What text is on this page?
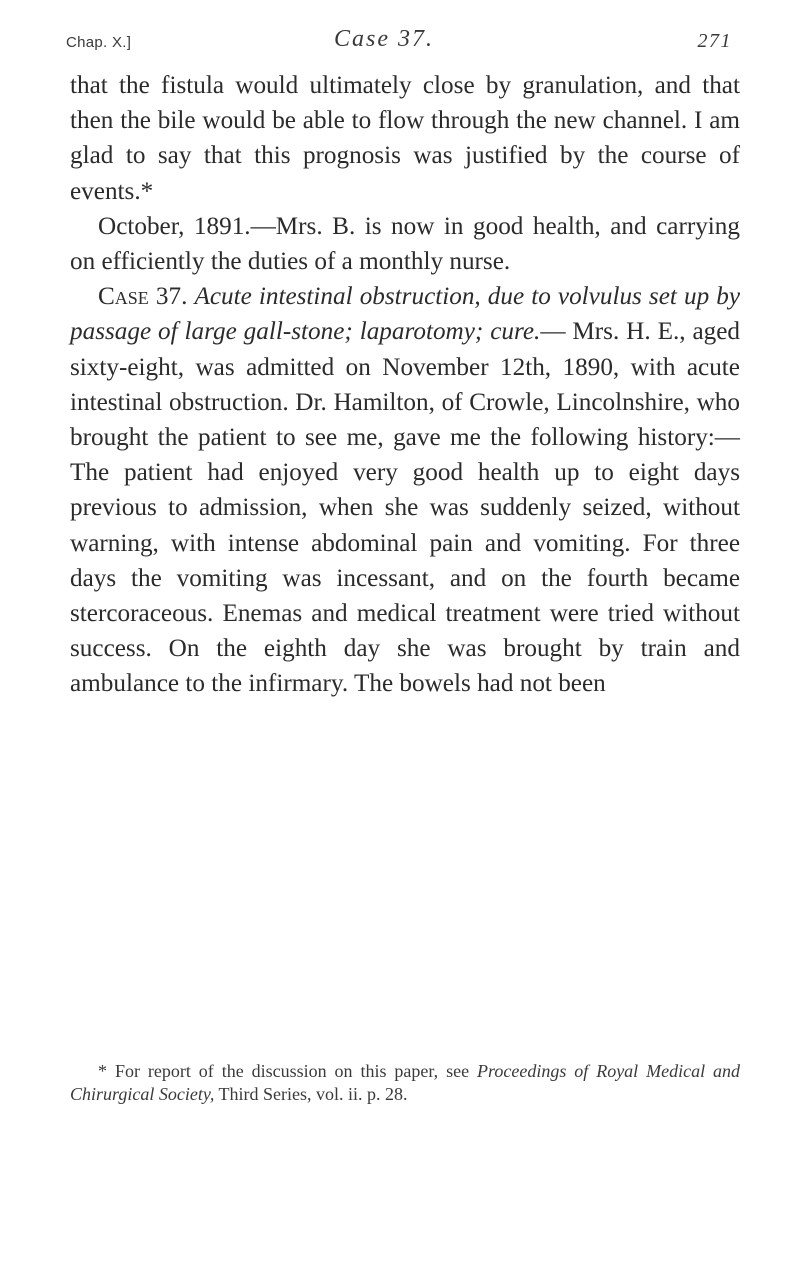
Chap. X.]	Case 37.	271

that the fistula would ultimately close by granulation, and that then the bile would be able to flow through the new channel. I am glad to say that this prognosis was justified by the course of events.*

October, 1891.—Mrs. B. is now in good health, and carrying on efficiently the duties of a monthly nurse.

Case 37. Acute intestinal obstruction, due to volvulus set up by passage of large gall-stone; laparotomy; cure.— Mrs. H. E., aged sixty-eight, was admitted on November 12th, 1890, with acute intestinal obstruction. Dr. Hamilton, of Crowle, Lincolnshire, who brought the patient to see me, gave me the following history:—The patient had enjoyed very good health up to eight days previous to admission, when she was suddenly seized, without warning, with intense abdominal pain and vomiting. For three days the vomiting was incessant, and on the fourth became stercoraceous. Enemas and medical treatment were tried without success. On the eighth day she was brought by train and ambulance to the infirmary. The bowels had not been

* For report of the discussion on this paper, see Proceedings of Royal Medical and Chirurgical Society, Third Series, vol. ii. p. 28.
